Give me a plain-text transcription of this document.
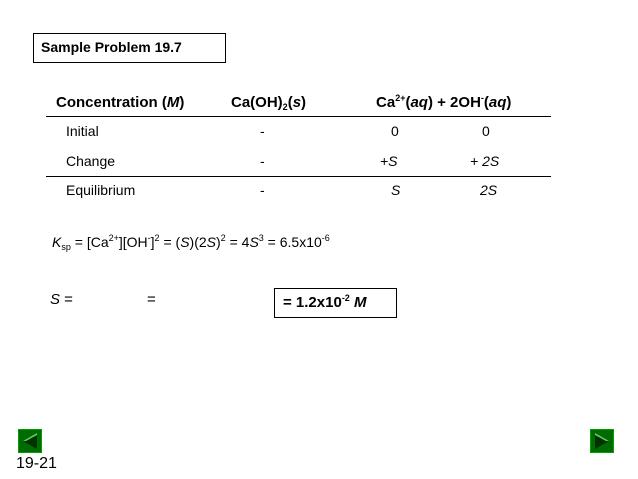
Sample Problem 19.7
Concentration (M)	$Ca(OH)_2(s)$	$Ca^{2+}(aq) + 2OH^-(aq)$
Initial	-	0	0
Change	-	+S	+ 2S
Equilibrium	-	S	2S
$K_{sp} = [Ca^{2+}][OH^-]^2 = (S)(2S)^2 = 4S^3 = 6.5x10^{-6}$
S =	=	= $1.2x10^{-2}$ M
19-21
